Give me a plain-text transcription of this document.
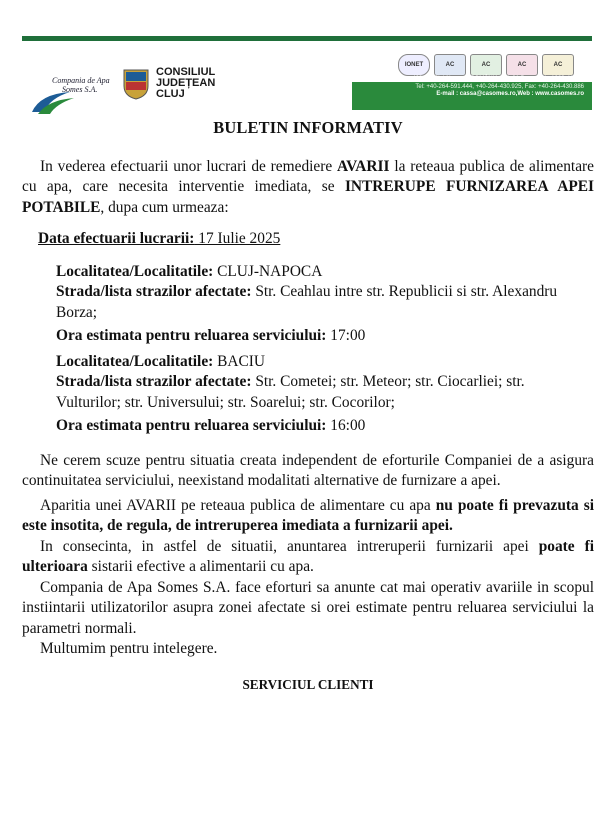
Compania de Apa
Somes S.A.
CONSILIUL
JUDEȚEAN
CLUJ
IONET	AC	AC	AC	AC
400603 Cluj-Napoca, ROMÂNIA, Bd. 21 Decembrie 1989, Nr. 79
Tel: +40-264-591.444, +40-264-430.925, Fax: +40-264-430.886
E-mail : cassa@casomes.ro,Web : www.casomes.ro
BULETIN INFORMATIV

In vederea efectuarii unor lucrari de remediere AVARII la reteaua publica de alimentare cu apa, care necesita interventie imediata, se INTRERUPE FURNIZAREA APEI POTABILE, dupa cum urmeaza:

Data efectuarii lucrarii: 17 Iulie 2025

Localitatea/Localitatile: CLUJ-NAPOCA

Strada/lista strazilor afectate: Str. Ceahlau intre str. Republicii si str. Alexandru Borza;

Ora estimata pentru reluarea serviciului: 17:00

Localitatea/Localitatile: BACIU

Strada/lista strazilor afectate: Str. Cometei; str. Meteor; str. Ciocarliei; str. Vulturilor; str. Universului; str. Soarelui; str. Cocorilor;

Ora estimata pentru reluarea serviciului: 16:00

Ne cerem scuze pentru situatia creata independent de eforturile Companiei de a asigura continuitatea serviciului, neexistand modalitati alternative de furnizare a apei.

Aparitia unei AVARII pe reteaua publica de alimentare cu apa nu poate fi prevazuta si este insotita, de regula, de intreruperea imediata a furnizarii apei.

In consecinta, in astfel de situatii, anuntarea intreruperii furnizarii apei poate fi ulterioara sistarii efective a alimentarii cu apa.

Compania de Apa Somes S.A. face eforturi sa anunte cat mai operativ avariile in scopul instiintarii utilizatorilor asupra zonei afectate si orei estimate pentru reluarea serviciului la parametri normali.

Multumim pentru intelegere.

SERVICIUL CLIENTI
